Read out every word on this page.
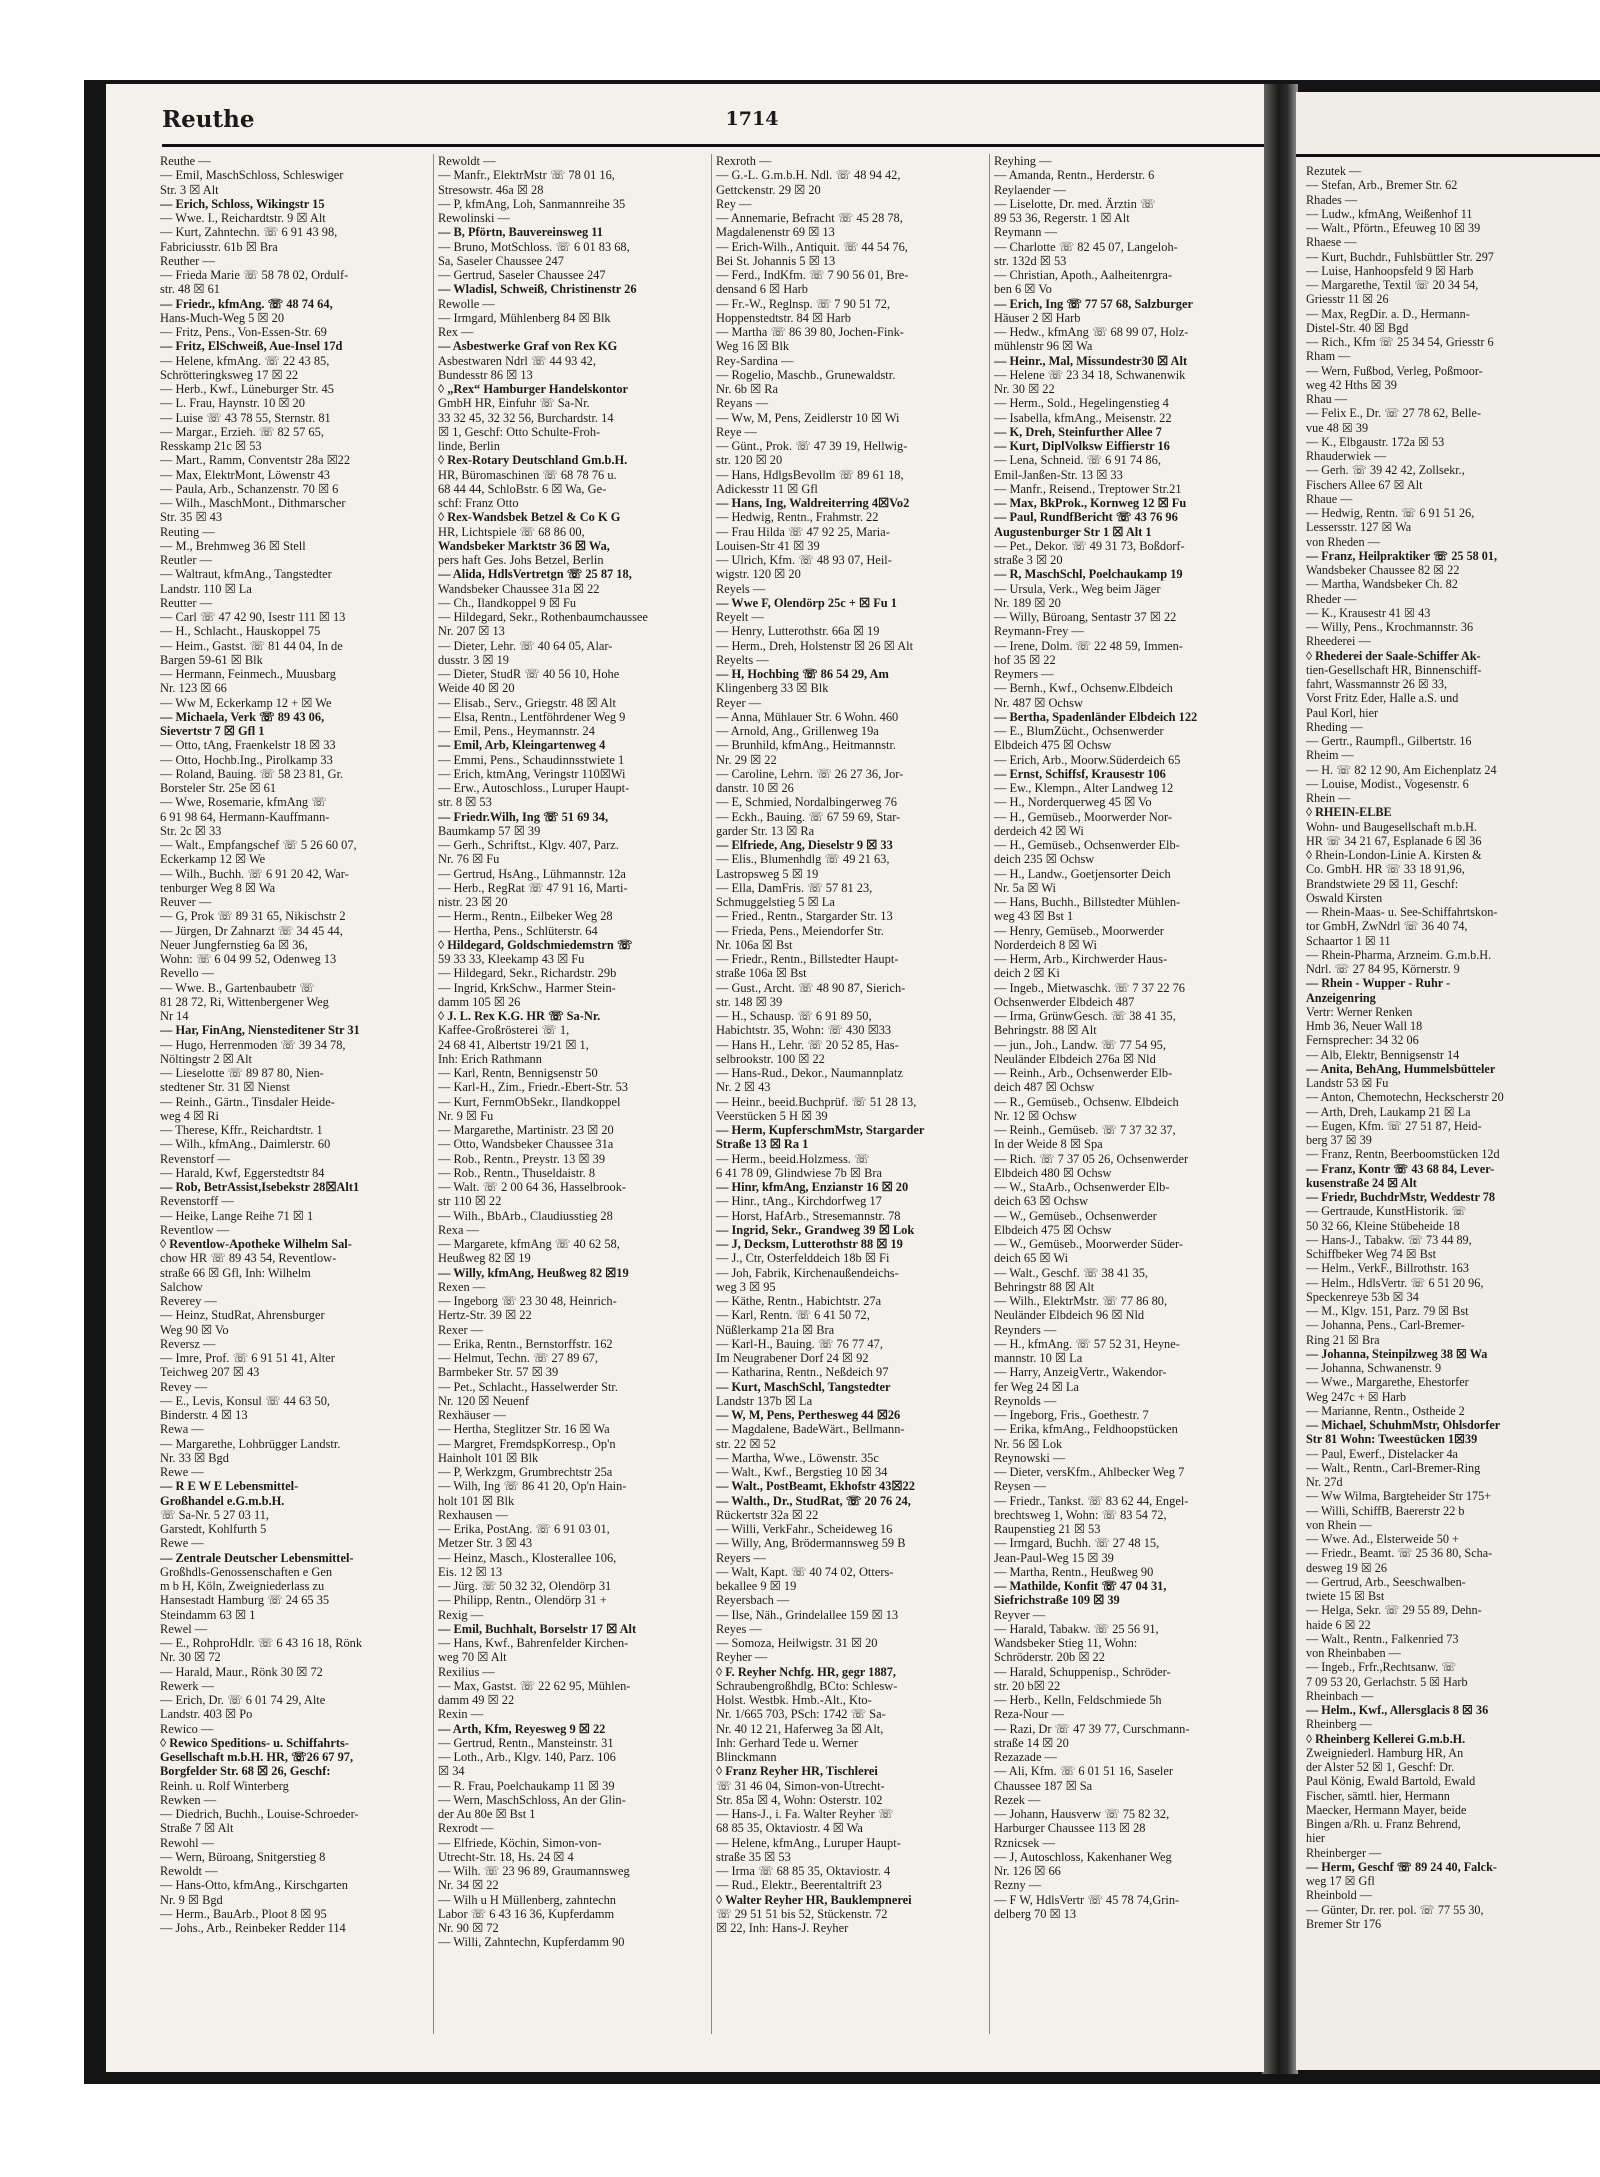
Reuthe	1714
Reuthe —
— Emil, MaschSchloss, Schleswiger
Str. 3 ☒ Alt
— Erich, Schloss, Wikingstr 15
— Wwe. I., Reichardtstr. 9 ☒ Alt
— Kurt, Zahntechn. ☏ 6 91 43 98,
Fabriciusstr. 61b ☒ Bra
Reuther —
— Frieda Marie ☏ 58 78 02, Ordulf-
str. 48 ☒ 61
— Friedr., kfmAng. ☏ 48 74 64,
Hans-Much-Weg 5 ☒ 20
— Fritz, Pens., Von-Essen-Str. 69
— Fritz, ElSchweiß, Aue-Insel 17d
— Helene, kfmAng. ☏ 22 43 85,
Schrötteringksweg 17 ☒ 22
— Herb., Kwf., Lüneburger Str. 45
— L. Frau, Haynstr. 10 ☒ 20
— Luise ☏ 43 78 55, Sternstr. 81
— Margar., Erzieh. ☏ 82 57 65,
Resskamp 21c ☒ 53
— Mart., Ramm, Conventstr 28a ☒22
— Max, ElektrMont, Löwenstr 43
— Paula, Arb., Schanzenstr. 70 ☒ 6
— Wilh., MaschMont., Dithmarscher
Str. 35 ☒ 43
Reuting —
— M., Brehmweg 36 ☒ Stell
Reutler —
— Waltraut, kfmAng., Tangstedter
Landstr. 110 ☒ La
Reutter —
— Carl ☏ 47 42 90, Isestr 111 ☒ 13
— H., Schlacht., Hauskoppel 75
— Heim., Gastst. ☏ 81 44 04, In de
Bargen 59-61 ☒ Blk
— Hermann, Feinmech., Muusbarg
Nr. 123 ☒ 66
— Ww M, Eckerkamp 12 + ☒ We
— Michaela, Verk ☏ 89 43 06,
Sievertstr 7 ☒ Gfl 1
— Otto, tAng, Fraenkelstr 18 ☒ 33
— Otto, Hochb.Ing., Pirolkamp 33
— Roland, Bauing. ☏ 58 23 81, Gr.
Borsteler Str. 25e ☒ 61
— Wwe, Rosemarie, kfmAng ☏
6 91 98 64, Hermann-Kauffmann-
Str. 2c ☒ 33
— Walt., Empfangschef ☏ 5 26 60 07,
Eckerkamp 12 ☒ We
— Wilh., Buchh. ☏ 6 91 20 42, War-
tenburger Weg 8 ☒ Wa
Reuver —
— G, Prok ☏ 89 31 65, Nikischstr 2
— Jürgen, Dr Zahnarzt ☏ 34 45 44,
Neuer Jungfernstieg 6a ☒ 36,
Wohn: ☏ 6 04 99 52, Odenweg 13
Revello —
— Wwe. B., Gartenbaubetr ☏
81 28 72, Ri, Wittenbergener Weg
Nr 14
— Har, FinAng, Niensteditener Str 31
— Hugo, Herrenmoden ☏ 39 34 78,
Nöltingstr 2 ☒ Alt
— Lieselotte ☏ 89 87 80, Nien-
stedtener Str. 31 ☒ Nienst
— Reinh., Gärtn., Tinsdaler Heide-
weg 4 ☒ Ri
— Therese, Kffr., Reichardtstr. 1
— Wilh., kfmAng., Daimlerstr. 60
Revenstorf —
— Harald, Kwf, Eggerstedtstr 84
— Rob, BetrAssist,Isebekstr 28☒Alt1
Revenstorff —
— Heike, Lange Reihe 71 ☒ 1
Reventlow —
◊ Reventlow-Apotheke Wilhelm Sal-
chow HR ☏ 89 43 54, Reventlow-
straße 66 ☒ Gfl, Inh: Wilhelm
Salchow
Reverey —
— Heinz, StudRat, Ahrensburger
Weg 90 ☒ Vo
Reversz —
— Imre, Prof. ☏ 6 91 51 41, Alter
Teichweg 207 ☒ 43
Revey —
— E., Levis, Konsul ☏ 44 63 50,
Binderstr. 4 ☒ 13
Rewa —
— Margarethe, Lohbrügger Landstr.
Nr. 33 ☒ Bgd
Rewe —
— R E W E Lebensmittel-
Großhandel e.G.m.b.H.
☏ Sa-Nr. 5 27 03 11,
Garstedt, Kohlfurth 5
Rewe —
— Zentrale Deutscher Lebensmittel-
Großhdls-Genossenschaften e Gen
m b H, Köln, Zweigniederlass zu
Hansestadt Hamburg ☏ 24 65 35
Steindamm 63 ☒ 1
Rewel —
— E., RohproHdlr. ☏ 6 43 16 18, Rönk
Nr. 30 ☒ 72
— Harald, Maur., Rönk 30 ☒ 72
Rewerk —
— Erich, Dr. ☏ 6 01 74 29, Alte
Landstr. 403 ☒ Po
Rewico —
◊ Rewico Speditions- u. Schiffahrts-
Gesellschaft m.b.H. HR, ☏26 67 97,
Borgfelder Str. 68 ☒ 26, Geschf:
Reinh. u. Rolf Winterberg
Rewken —
— Diedrich, Buchh., Louise-Schroeder-
Straße 7 ☒ Alt
Rewohl —
— Wern, Büroang, Snitgerstieg 8
Rewoldt —
— Hans-Otto, kfmAng., Kirschgarten
Nr. 9 ☒ Bgd
— Herm., BauArb., Ploot 8 ☒ 95
— Johs., Arb., Reinbeker Redder 114
Rewoldt —
— Manfr., ElektrMstr ☏ 78 01 16,
Stresowstr. 46a ☒ 28
— P, kfmAng, Loh, Sanmannreihe 35
Rewolinski —
— B, Pförtn, Bauvereinsweg 11
— Bruno, MotSchloss. ☏ 6 01 83 68,
Sa, Saseler Chaussee 247
— Gertrud, Saseler Chaussee 247
— Wladisl, Schweiß, Christinenstr 26
Rewolle —
— Irmgard, Mühlenberg 84 ☒ Blk
Rex —
— Asbestwerke Graf von Rex KG
Asbestwaren Ndrl ☏ 44 93 42,
Bundesstr 86 ☒ 13
◊ „Rex“ Hamburger Handelskontor
GmbH HR, Einfuhr ☏ Sa-Nr.
33 32 45, 32 32 56, Burchardstr. 14
☒ 1, Geschf: Otto Schulte-Froh-
linde, Berlin
◊ Rex-Rotary Deutschland Gm.b.H.
HR, Büromaschinen ☏ 68 78 76 u.
68 44 44, SchloBstr. 6 ☒ Wa, Ge-
schf: Franz Otto
◊ Rex-Wandsbek Betzel & Co K G
HR, Lichtspiele ☏ 68 86 00,
Wandsbeker Marktstr 36 ☒ Wa,
pers haft Ges. Johs Betzel, Berlin
— Alida, HdlsVertretgn ☏ 25 87 18,
Wandsbeker Chaussee 31a ☒ 22
— Ch., Ilandkoppel 9 ☒ Fu
— Hildegard, Sekr., Rothenbaumchaussee
Nr. 207 ☒ 13
— Dieter, Lehr. ☏ 40 64 05, Alar-
dusstr. 3 ☒ 19
— Dieter, StudR ☏ 40 56 10, Hohe
Weide 40 ☒ 20
— Elisab., Serv., Griegstr. 48 ☒ Alt
— Elsa, Rentn., Lentföhrdener Weg 9
— Emil, Pens., Heymannstr. 24
— Emil, Arb, Kleingartenweg 4
— Emmi, Pens., Schaudinnsstwiete 1
— Erich, ktmAng, Veringstr 110☒Wi
— Erw., Autoschloss., Luruper Haupt-
str. 8 ☒ 53
— Friedr.Wilh, Ing ☏ 51 69 34,
Baumkamp 57 ☒ 39
— Gerh., Schriftst., Klgv. 407, Parz.
Nr. 76 ☒ Fu
— Gertrud, HsAng., Lühmannstr. 12a
— Herb., RegRat ☏ 47 91 16, Marti-
nistr. 23 ☒ 20
— Herm., Rentn., Eilbeker Weg 28
— Hertha, Pens., Schlüterstr. 64
◊ Hildegard, Goldschmiedemstrn ☏
59 33 33, Kleekamp 43 ☒ Fu
— Hildegard, Sekr., Richardstr. 29b
— Ingrid, KrkSchw., Harmer Stein-
damm 105 ☒ 26
◊ J. L. Rex K.G. HR ☏ Sa-Nr.
Kaffee-Großrösterei ☏ 1,
24 68 41, Albertstr 19/21 ☒ 1,
Inh: Erich Rathmann
— Karl, Rentn, Bennigsenstr 50
— Karl-H., Zim., Friedr.-Ebert-Str. 53
— Kurt, FernmObSekr., Ilandkoppel
Nr. 9 ☒ Fu
— Margarethe, Martinistr. 23 ☒ 20
— Otto, Wandsbeker Chaussee 31a
— Rob., Rentn., Preystr. 13 ☒ 39
— Rob., Rentn., Thuseldaistr. 8
— Walt. ☏ 2 00 64 36, Hasselbrook-
str 110 ☒ 22
— Wilh., BbArb., Claudiusstieg 28
Rexa —
— Margarete, kfmAng ☏ 40 62 58,
Heußweg 82 ☒ 19
— Willy, kfmAng, Heußweg 82 ☒19
Rexen —
— Ingeborg ☏ 23 30 48, Heinrich-
Hertz-Str. 39 ☒ 22
Rexer —
— Erika, Rentn., Bernstorffstr. 162
— Helmut, Techn. ☏ 27 89 67,
Barmbeker Str. 57 ☒ 39
— Pet., Schlacht., Hasselwerder Str.
Nr. 120 ☒ Neuenf
Rexhäuser —
— Hertha, Steglitzer Str. 16 ☒ Wa
— Margret, FremdspKorresp., Op'n
Hainholt 101 ☒ Blk
— P, Werkzgm, Grumbrechtstr 25a
— Wilh, Ing ☏ 86 41 20, Op'n Hain-
holt 101 ☒ Blk
Rexhausen —
— Erika, PostAng. ☏ 6 91 03 01,
Metzer Str. 3 ☒ 43
— Heinz, Masch., Klosterallee 106,
Eis. 12 ☒ 13
— Jürg. ☏ 50 32 32, Olendörp 31
— Philipp, Rentn., Olendörp 31 +
Rexig —
— Emil, Buchhalt, Borselstr 17 ☒ Alt
— Hans, Kwf., Bahrenfelder Kirchen-
weg 70 ☒ Alt
Rexilius —
— Max, Gastst. ☏ 22 62 95, Mühlen-
damm 49 ☒ 22
Rexin —
— Arth, Kfm, Reyesweg 9 ☒ 22
— Gertrud, Rentn., Mansteinstr. 31
— Loth., Arb., Klgv. 140, Parz. 106
☒ 34
— R. Frau, Poelchaukamp 11 ☒ 39
— Wern, MaschSchloss, An der Glin-
der Au 80e ☒ Bst 1
Rexrodt —
— Elfriede, Köchin, Simon-von-
Utrecht-Str. 18, Hs. 24 ☒ 4
— Wilh. ☏ 23 96 89, Graumannsweg
Nr. 34 ☒ 22
— Wilh u H Müllenberg, zahntechn
Labor ☏ 6 43 16 36, Kupferdamm
Nr. 90 ☒ 72
— Willi, Zahntechn, Kupferdamm 90
Rexroth —
— G.-L. G.m.b.H. Ndl. ☏ 48 94 42,
Gettckenstr. 29 ☒ 20
Rey —
— Annemarie, Befracht ☏ 45 28 78,
Magdalenenstr 69 ☒ 13
— Erich-Wilh., Antiquit. ☏ 44 54 76,
Bei St. Johannis 5 ☒ 13
— Ferd., IndKfm. ☏ 7 90 56 01, Bre-
densand 6 ☒ Harb
— Fr.-W., Reglnsp. ☏ 7 90 51 72,
Hoppenstedtstr. 84 ☒ Harb
— Martha ☏ 86 39 80, Jochen-Fink-
Weg 16 ☒ Blk
Rey-Sardina —
— Rogelio, Maschb., Grunewaldstr.
Nr. 6b ☒ Ra
Reyans —
— Ww, M, Pens, Zeidlerstr 10 ☒ Wi
Reye —
— Günt., Prok. ☏ 47 39 19, Hellwig-
str. 120 ☒ 20
— Hans, HdlgsBevollm ☏ 89 61 18,
Adickesstr 11 ☒ Gfl
— Hans, Ing, Waldreiterring 4☒Vo2
— Hedwig, Rentn., Frahmstr. 22
— Frau Hilda ☏ 47 92 25, Maria-
Louisen-Str 41 ☒ 39
— Ulrich, Kfm. ☏ 48 93 07, Heil-
wigstr. 120 ☒ 20
Reyels —
— Wwe F, Olendörp 25c + ☒ Fu 1
Reyelt —
— Henry, Lutterothstr. 66a ☒ 19
— Herm., Dreh, Holstenstr ☒ 26 ☒ Alt
Reyelts —
— H, Hochbing ☏ 86 54 29, Am
Klingenberg 33 ☒ Blk
Reyer —
— Anna, Mühlauer Str. 6 Wohn. 460
— Arnold, Ang., Grillenweg 19a
— Brunhild, kfmAng., Heitmannstr.
Nr. 29 ☒ 22
— Caroline, Lehrn. ☏ 26 27 36, Jor-
danstr. 10 ☒ 26
— E, Schmied, Nordalbingerweg 76
— Eckh., Bauing. ☏ 67 59 69, Star-
garder Str. 13 ☒ Ra
— Elfriede, Ang, Dieselstr 9 ☒ 33
— Elis., Blumenhdlg ☏ 49 21 63,
Lastropsweg 5 ☒ 19
— Ella, DamFris. ☏ 57 81 23,
Schmuggelstieg 5 ☒ La
— Fried., Rentn., Stargarder Str. 13
— Frieda, Pens., Meiendorfer Str.
Nr. 106a ☒ Bst
— Friedr., Rentn., Billstedter Haupt-
straße 106a ☒ Bst
— Gust., Archt. ☏ 48 90 87, Sierich-
str. 148 ☒ 39
— H., Schausp. ☏ 6 91 89 50,
Habichtstr. 35, Wohn: ☏ 430 ☒33
— Hans H., Lehr. ☏ 20 52 85, Has-
selbrookstr. 100 ☒ 22
— Hans-Rud., Dekor., Naumannplatz
Nr. 2 ☒ 43
— Heinr., beeid.Buchprüf. ☏ 51 28 13,
Veerstücken 5 H ☒ 39
— Herm, KupferschmMstr, Stargarder
Straße 13 ☒ Ra 1
— Herm., beeid.Holzmess. ☏
6 41 78 09, Glindwiese 7b ☒ Bra
— Hinr, kfmAng, Enzianstr 16 ☒ 20
— Hinr., tAng., Kirchdorfweg 17
— Horst, HafArb., Stresemannstr. 78
— Ingrid, Sekr., Grandweg 39 ☒ Lok
— J, Decksm, Lutterothstr 88 ☒ 19
— J., Ctr, Osterfelddeich 18b ☒ Fi
— Joh, Fabrik, Kirchenaußendeichs-
weg 3 ☒ 95
— Käthe, Rentn., Habichtstr. 27a
— Karl, Rentn. ☏ 6 41 50 72,
Nüßlerkamp 21a ☒ Bra
— Karl-H., Bauing. ☏ 76 77 47,
Im Neugrabener Dorf 24 ☒ 92
— Katharina, Rentn., Neßdeich 97
— Kurt, MaschSchl, Tangstedter
Landstr 137b ☒ La
— W, M, Pens, Perthesweg 44 ☒26
— Magdalene, BadeWärt., Bellmann-
str. 22 ☒ 52
— Martha, Wwe., Löwenstr. 35c
— Walt., Kwf., Bergstieg 10 ☒ 34
— Walt., PostBeamt, Ekhofstr 43☒22
— Walth., Dr., StudRat, ☏ 20 76 24,
Rückertstr 32a ☒ 22
— Willi, VerkFahr., Scheideweg 16
— Willy, Ang, Brödermannsweg 59 B
Reyers —
— Walt, Kapt. ☏ 40 74 02, Otters-
bekallee 9 ☒ 19
Reyersbach —
— Ilse, Näh., Grindelallee 159 ☒ 13
Reyes —
— Somoza, Heilwigstr. 31 ☒ 20
Reyher —
◊ F. Reyher Nchfg. HR, gegr 1887,
Schraubengroßhdlg, BCto: Schlesw-
Holst. Westbk. Hmb.-Alt., Kto-
Nr. 1/665 703, PSch: 1742 ☏ Sa-
Nr. 40 12 21, Haferweg 3a ☒ Alt,
Inh: Gerhard Tede u. Werner
Blinckmann
◊ Franz Reyher HR, Tischlerei
☏ 31 46 04, Simon-von-Utrecht-
Str. 85a ☒ 4, Wohn: Osterstr. 102
— Hans-J., i. Fa. Walter Reyher ☏
68 85 35, Oktaviostr. 4 ☒ Wa
— Helene, kfmAng., Luruper Haupt-
straße 35 ☒ 53
— Irma ☏ 68 85 35, Oktaviostr. 4
— Rud., Elektr., Beerentaltrift 23
◊ Walter Reyher HR, Bauklempnerei
☏ 29 51 51 bis 52, Stückenstr. 72
☒ 22, Inh: Hans-J. Reyher
Reyhing —
— Amanda, Rentn., Herderstr. 6
Reylaender —
— Liselotte, Dr. med. Ärztin ☏
89 53 36, Regerstr. 1 ☒ Alt
Reymann —
— Charlotte ☏ 82 45 07, Langeloh-
str. 132d ☒ 53
— Christian, Apoth., Aalheitenrgra-
ben 6 ☒ Vo
— Erich, Ing ☏ 77 57 68, Salzburger
Häuser 2 ☒ Harb
— Hedw., kfmAng ☏ 68 99 07, Holz-
mühlenstr 96 ☒ Wa
— Heinr., Mal, Missundestr30 ☒ Alt
— Helene ☏ 23 34 18, Schwanenwik
Nr. 30 ☒ 22
— Herm., Sold., Hegelingenstieg 4
— Isabella, kfmAng., Meisenstr. 22
— K, Dreh, Steinfurther Allee 7
— Kurt, DiplVolksw Eiffierstr 16
— Lena, Schneid. ☏ 6 91 74 86,
Emil-Janßen-Str. 13 ☒ 33
— Manfr., Reisend., Treptower Str.21
— Max, BkProk., Kornweg 12 ☒ Fu
— Paul, RundfBericht ☏ 43 76 96
Augustenburger Str 1 ☒ Alt 1
— Pet., Dekor. ☏ 49 31 73, Boßdorf-
straße 3 ☒ 20
— R, MaschSchl, Poelchaukamp 19
— Ursula, Verk., Weg beim Jäger
Nr. 189 ☒ 20
— Willy, Büroang, Sentastr 37 ☒ 22
Reymann-Frey —
— Irene, Dolm. ☏ 22 48 59, Immen-
hof 35 ☒ 22
Reymers —
— Bernh., Kwf., Ochsenw.Elbdeich
Nr. 487 ☒ Ochsw
— Bertha, Spadenländer Elbdeich 122
— E., BlumZücht., Ochsenwerder
Elbdeich 475 ☒ Ochsw
— Erich, Arb., Moorw.Süderdeich 65
— Ernst, Schiffsf, Krausestr 106
— Ew., Klempn., Alter Landweg 12
— H., Norderquerweg 45 ☒ Vo
— H., Gemüseb., Moorwerder Nor-
derdeich 42 ☒ Wi
— H., Gemüseb., Ochsenwerder Elb-
deich 235 ☒ Ochsw
— H., Landw., Goetjensorter Deich
Nr. 5a ☒ Wi
— Hans, Buchh., Billstedter Mühlen-
weg 43 ☒ Bst 1
— Henry, Gemüseb., Moorwerder
Norderdeich 8 ☒ Wi
— Herm, Arb., Kirchwerder Haus-
deich 2 ☒ Ki
— Ingeb., Mietwaschk. ☏ 7 37 22 76
Ochsenwerder Elbdeich 487
— Irma, GrünwGesch. ☏ 38 41 35,
Behringstr. 88 ☒ Alt
— jun., Joh., Landw. ☏ 77 54 95,
Neuländer Elbdeich 276a ☒ Nld
— Reinh., Arb., Ochsenwerder Elb-
deich 487 ☒ Ochsw
— R., Gemüseb., Ochsenw. Elbdeich
Nr. 12 ☒ Ochsw
— Reinh., Gemüseb. ☏ 7 37 32 37,
In der Weide 8 ☒ Spa
— Rich. ☏ 7 37 05 26, Ochsenwerder
Elbdeich 480 ☒ Ochsw
— W., StaArb., Ochsenwerder Elb-
deich 63 ☒ Ochsw
— W., Gemüseb., Ochsenwerder
Elbdeich 475 ☒ Ochsw
— W., Gemüseb., Moorwerder Süder-
deich 65 ☒ Wi
— Walt., Geschf. ☏ 38 41 35,
Behringstr 88 ☒ Alt
— Wilh., ElektrMstr. ☏ 77 86 80,
Neuländer Elbdeich 96 ☒ Nld
Reynders —
— H., kfmAng. ☏ 57 52 31, Heyne-
mannstr. 10 ☒ La
— Harry, AnzeigVertr., Wakendor-
fer Weg 24 ☒ La
Reynolds —
— Ingeborg, Fris., Goethestr. 7
— Erika, kfmAng., Feldhoopstücken
Nr. 56 ☒ Lok
Reynowski —
— Dieter, versKfm., Ahlbecker Weg 7
Reysen —
— Friedr., Tankst. ☏ 83 62 44, Engel-
brechtsweg 1, Wohn: ☏ 83 54 72,
Raupenstieg 21 ☒ 53
— Irmgard, Buchh. ☏ 27 48 15,
Jean-Paul-Weg 15 ☒ 39
— Martha, Rentn., Heußweg 90
— Mathilde, Konfit ☏ 47 04 31,
Siefrichstraße 109 ☒ 39
Reyver —
— Harald, Tabakw. ☏ 25 56 91,
Wandsbeker Stieg 11, Wohn:
Schröderstr. 20b ☒ 22
— Harald, Schuppenisp., Schröder-
str. 20 b☒ 22
— Herb., Kelln, Feldschmiede 5h
Reza-Nour —
— Razi, Dr ☏ 47 39 77, Curschmann-
straße 14 ☒ 20
Rezazade —
— Ali, Kfm. ☏ 6 01 51 16, Saseler
Chaussee 187 ☒ Sa
Rezek —
— Johann, Hausverw ☏ 75 82 32,
Harburger Chaussee 113 ☒ 28
Rznicsek —
— J, Autoschloss, Kakenhaner Weg
Nr. 126 ☒ 66
Rezny —
— F W, HdlsVertr ☏ 45 78 74,Grin-
delberg 70 ☒ 13
Rezutek —
— Stefan, Arb., Bremer Str. 62
Rhades —
— Ludw., kfmAng, Weißenhof 11
— Walt., Pförtn., Efeuweg 10 ☒ 39
Rhaese —
— Kurt, Buchdr., Fuhlsbüttler Str. 297
— Luise, Hanhoopsfeld 9 ☒ Harb
— Margarethe, Textil ☏ 20 34 54,
Griesstr 11 ☒ 26
— Max, RegDir. a. D., Hermann-
Distel-Str. 40 ☒ Bgd
— Rich., Kfm ☏ 25 34 54, Griesstr 6
Rham —
— Wern, Fußbod, Verleg, Poßmoor-
weg 42 Hths ☒ 39
Rhau —
— Felix E., Dr. ☏ 27 78 62, Belle-
vue 48 ☒ 39
— K., Elbgaustr. 172a ☒ 53
Rhauderwiek —
— Gerh. ☏ 39 42 42, Zollsekr.,
Fischers Allee 67 ☒ Alt
Rhaue —
— Hedwig, Rentn. ☏ 6 91 51 26,
Lessersstr. 127 ☒ Wa
von Rheden —
— Franz, Heilpraktiker ☏ 25 58 01,
Wandsbeker Chaussee 82 ☒ 22
— Martha, Wandsbeker Ch. 82
Rheder —
— K., Krausestr 41 ☒ 43
— Willy, Pens., Krochmannstr. 36
Rheederei —
◊ Rhederei der Saale-Schiffer Ak-
tien-Gesellschaft HR, Binnenschiff-
fahrt, Wassmannstr 26 ☒ 33,
Vorst Fritz Eder, Halle a.S. und
Paul Korl, hier
Rheding —
— Gertr., Raumpfl., Gilbertstr. 16
Rheim —
— H. ☏ 82 12 90, Am Eichenplatz 24
— Louise, Modist., Vogesenstr. 6
Rhein —
◊ RHEIN-ELBE
Wohn- und Baugesellschaft m.b.H.
HR ☏ 34 21 67, Esplanade 6 ☒ 36
◊ Rhein-London-Linie A. Kirsten &
Co. GmbH. HR ☏ 33 18 91,96,
Brandstwiete 29 ☒ 11, Geschf:
Oswald Kirsten
— Rhein-Maas- u. See-Schiffahrtskon-
tor GmbH, ZwNdrl ☏ 36 40 74,
Schaartor 1 ☒ 11
— Rhein-Pharma, Arzneim. G.m.b.H.
Ndrl. ☏ 27 84 95, Körnerstr. 9
— Rhein - Wupper - Ruhr -
Anzeigenring
Vertr: Werner Renken
Hmb 36, Neuer Wall 18
Fernsprecher: 34 32 06
— Alb, Elektr, Bennigsenstr 14
— Anita, BehAng, Hummelsbütteler
Landstr 53 ☒ Fu
— Anton, Chemotechn, Heckscherstr 20
— Arth, Dreh, Laukamp 21 ☒ La
— Eugen, Kfm. ☏ 27 51 87, Heid-
berg 37 ☒ 39
— Franz, Rentn, Beerboomstücken 12d
— Franz, Kontr ☏ 43 68 84, Lever-
kusenstraße 24 ☒ Alt
— Friedr, BuchdrMstr, Weddestr 78
— Gertraude, KunstHistorik. ☏
50 32 66, Kleine Stübeheide 18
— Hans-J., Tabakw. ☏ 73 44 89,
Schiffbeker Weg 74 ☒ Bst
— Helm., VerkF., Billrothstr. 163
— Helm., HdlsVertr. ☏ 6 51 20 96,
Speckenreye 53b ☒ 34
— M., Klgv. 151, Parz. 79 ☒ Bst
— Johanna, Pens., Carl-Bremer-
Ring 21 ☒ Bra
— Johanna, Steinpilzweg 38 ☒ Wa
— Johanna, Schwanenstr. 9
— Wwe., Margarethe, Ehestorfer
Weg 247c + ☒ Harb
— Marianne, Rentn., Ostheide 2
— Michael, SchuhmMstr, Ohlsdorfer
Str 81 Wohn: Tweestücken 1☒39
— Paul, Ewerf., Distelacker 4a
— Walt., Rentn., Carl-Bremer-Ring
Nr. 27d
— Ww Wilma, Bargteheider Str 175+
— Willi, SchiffB, Baererstr 22 b
von Rhein —
— Wwe. Ad., Elsterweide 50 +
— Friedr., Beamt. ☏ 25 36 80, Scha-
desweg 19 ☒ 26
— Gertrud, Arb., Seeschwalben-
twiete 15 ☒ Bst
— Helga, Sekr. ☏ 29 55 89, Dehn-
haide 6 ☒ 22
— Walt., Rentn., Falkenried 73
von Rheinbaben —
— Ingeb., Frfr.,Rechtsanw. ☏
7 09 53 20, Gerlachstr. 5 ☒ Harb
Rheinbach —
— Helm., Kwf., Allersglacis 8 ☒ 36
Rheinberg —
◊ Rheinberg Kellerei G.m.b.H.
Zweigniederl. Hamburg HR, An
der Alster 52 ☒ 1, Geschf: Dr.
Paul König, Ewald Bartold, Ewald
Fischer, sämtl. hier, Hermann
Maecker, Hermann Mayer, beide
Bingen a/Rh. u. Franz Behrend,
hier
Rheinberger —
— Herm, Geschf ☏ 89 24 40, Falck-
weg 17 ☒ Gfl
Rheinbold —
— Günter, Dr. rer. pol. ☏ 77 55 30,
Bremer Str 176
